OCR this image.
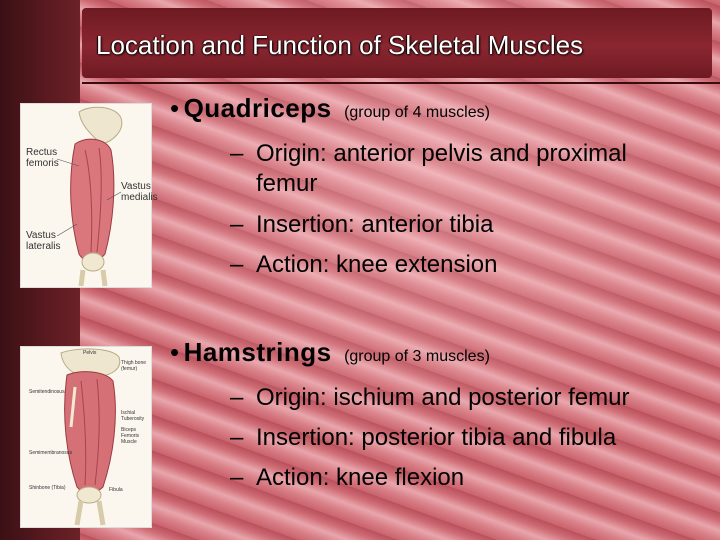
Location and Function of Skeletal Muscles
Rectus femoris
Vastus medialis
Vastus lateralis
Pelvis
Thigh bone (femur)
Semitendinosus
Ischial Tuberosity
Biceps Femoris Muscle
Semimembranosus
Shinbone (Tibia)	Fibula
• Quadriceps (group of 4 muscles)
– Origin: anterior pelvis and proximal
femur
– Insertion: anterior tibia
– Action: knee extension
• Hamstrings (group of 3 muscles)
– Origin: ischium and posterior femur
– Insertion: posterior tibia and fibula
– Action: knee flexion
